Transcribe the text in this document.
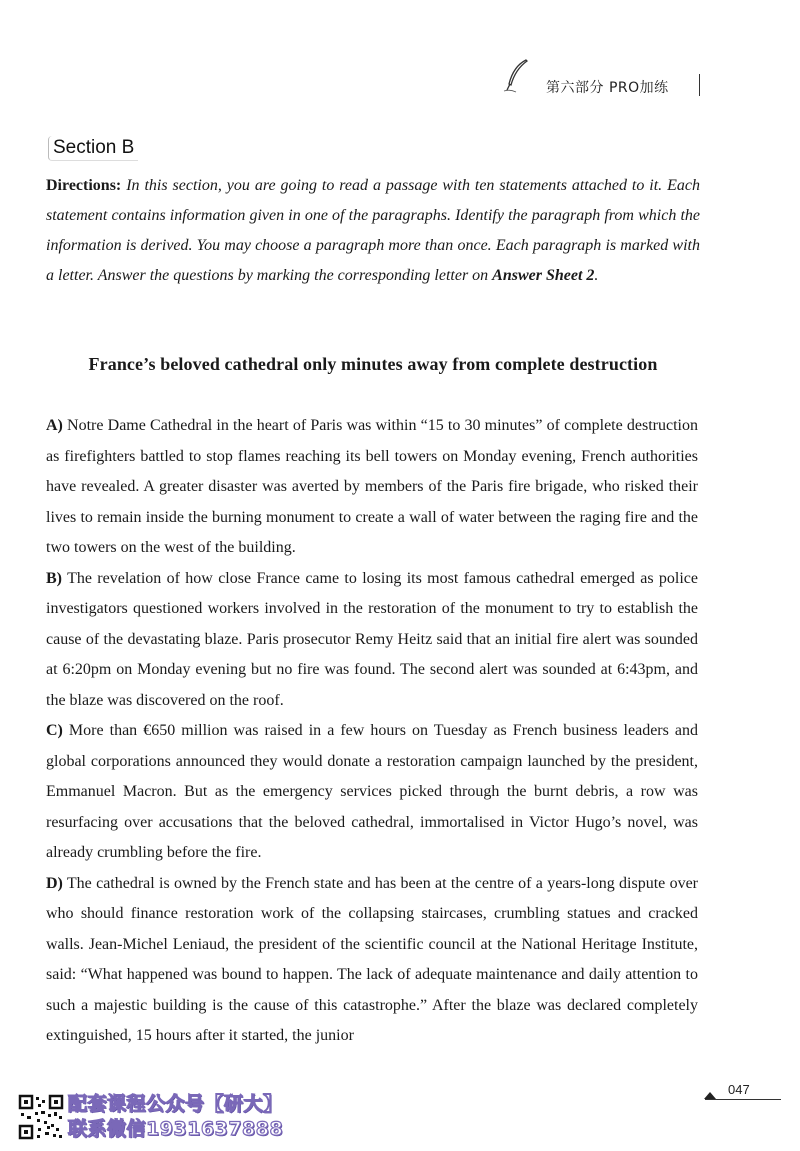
第六部分 PRO加练
Section B
Directions: In this section, you are going to read a passage with ten statements attached to it. Each statement contains information given in one of the paragraphs. Identify the paragraph from which the information is derived. You may choose a paragraph more than once. Each paragraph is marked with a letter. Answer the questions by marking the corresponding letter on Answer Sheet 2.
France’s beloved cathedral only minutes away from complete destruction

A) Notre Dame Cathedral in the heart of Paris was within “15 to 30 minutes” of complete destruction as firefighters battled to stop flames reaching its bell towers on Monday evening, French authorities have revealed. A greater disaster was averted by members of the Paris fire brigade, who risked their lives to remain inside the burning monument to create a wall of water between the raging fire and the two towers on the west of the building.

B) The revelation of how close France came to losing its most famous cathedral emerged as police investigators questioned workers involved in the restoration of the monument to try to establish the cause of the devastating blaze. Paris prosecutor Remy Heitz said that an initial fire alert was sounded at 6:20pm on Monday evening but no fire was found. The second alert was sounded at 6:43pm, and the blaze was discovered on the roof.

C) More than €650 million was raised in a few hours on Tuesday as French business leaders and global corporations announced they would donate a restoration campaign launched by the president, Emmanuel Macron. But as the emergency services picked through the burnt debris, a row was resurfacing over accusations that the beloved cathedral, immortalised in Victor Hugo’s novel, was already crumbling before the fire.

D) The cathedral is owned by the French state and has been at the centre of a years-long dispute over who should finance restoration work of the collapsing staircases, crumbling statues and cracked walls. Jean-Michel Leniaud, the president of the scientific council at the National Heritage Institute, said: “What happened was bound to happen. The lack of adequate maintenance and daily attention to such a majestic building is the cause of this catastrophe.” After the blaze was declared completely extinguished, 15 hours after it started, the junior

配套课程公众号【研大】
联系微信1931637888
047
